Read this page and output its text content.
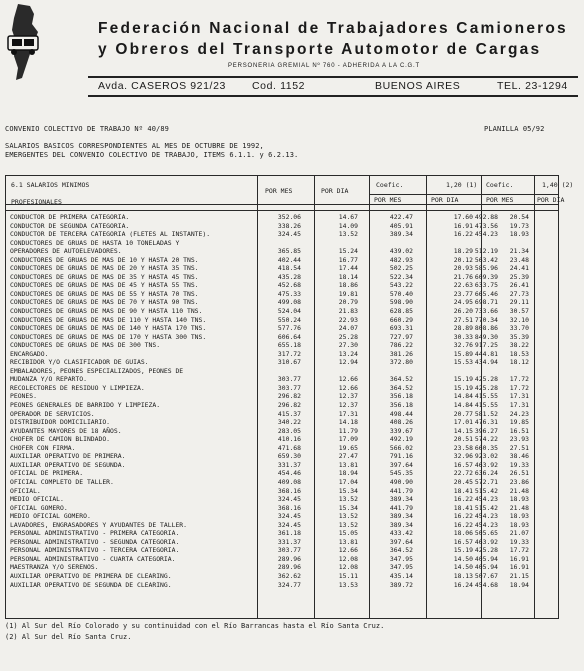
Federación Nacional de Trabajadores Camioneros
y Obreros del Transporte Automotor de Cargas
PERSONERIA GREMIAL Nº 760 - ADHERIDA A LA C.G.T
Avda. CASEROS 921/23 Cod. 1152	BUENOS AIRES	TEL. 23-1294
CONVENIO COLECTIVO DE TRABAJO Nº 40/89	PLANILLA 05/92
SALARIOS BASICOS CORRESPONDIENTES AL MES DE OCTUBRE DE 1992,
EMERGENTES DEL CONVENIO COLECTIVO DE TRABAJO, ITEMS 6.1.1. y 6.2.13.
6.1 SALARIOS MINIMOS
PROFESIONALES
POR MES	POR DIA
Coefic.	1,20 (1) Coefic.	1,40 (2)
POR MES	POR DIA	POR MES	POR DIA
CONDUCTOR DE PRIMERA CATEGORIA.	352.06	14.67	422.47	17.60 492.88 20.54
CONDUCTOR DE SEGUNDA CATEGORIA.	338.26	14.09	405.91	16.91 473.56 19.73
CONDUCTOR DE TERCERA CATEGORIA (FLETES AL INSTANTE).	324.45	13.52	389.34	16.22 454.23 18.93
CONDUCTORES DE GRUAS DE HASTA 10 TONELADAS Y
OPERADORES DE AUTOELEVADORES.	365.85	15.24	439.02	18.29 512.19 21.34
CONDUCTORES DE GRUAS DE MAS DE 10 Y HASTA 20 TNS.	402.44	16.77	482.93	20.12 563.42 23.48
CONDUCTORES DE GRUAS DE MAS DE 20 Y HASTA 35 TNS.	418.54	17.44	502.25	20.93 585.96 24.41
CONDUCTORES DE GRUAS DE MAS DE 35 Y HASTA 45 TNS.	435.28	18.14	522.34	21.76 609.39 25.39
CONDUCTORES DE GRUAS DE MAS DE 45 Y HASTA 55 TNS.	452.68	18.86	543.22	22.63 633.75 26.41
CONDUCTORES DE GRUAS DE MAS DE 55 Y HASTA 70 TNS.	475.33	19.81	570.40	23.77 665.46 27.73
CONDUCTORES DE GRUAS DE MAS DE 70 Y HASTA 90 TNS.	499.08	20.79	598.90	24.95 698.71 29.11
CONDUCTORES DE GRUAS DE MAS DE 90 Y HASTA 110 TNS.	524.04	21.83	628.85	26.20 733.66 30.57
CONDUCTORES DE GRUAS DE MAS DE 110 Y HASTA 140 TNS.	550.24	22.93	660.29	27.51 770.34 32.10
CONDUCTORES DE GRUAS DE MAS DE 140 Y HASTA 170 TNS.	577.76	24.07	693.31	28.89 808.86 33.70
CONDUCTORES DE GRUAS DE MAS DE 170 Y HASTA 300 TNS.	606.64	25.28	727.97	30.33 849.30 35.39
CONDUCTORES DE GRUAS DE MAS DE 300 TNS.	655.18	27.30	786.22	32.76 917.25 38.22
ENCARGADO.	317.72	13.24	381.26	15.89 444.81 18.53
RECIBIDOR Y/O CLASIFICADOR DE GUIAS.	310.67	12.94	372.80	15.53 434.94 18.12
EMBALADORES, PEONES ESPECIALIZADOS, PEONES DE
MUDANZA Y/O REPARTO.	303.77	12.66	364.52	15.19 425.28 17.72
RECOLECTORES DE RESIDUO Y LIMPIEZA.	303.77	12.66	364.52	15.19 425.28 17.72
PEONES.	296.82	12.37	356.18	14.84 415.55 17.31
PEONES GENERALES DE BARRIDO Y LIMPIEZA.	296.82	12.37	356.18	14.84 415.55 17.31
OPERADOR DE SERVICIOS.	415.37	17.31	498.44	20.77 581.52 24.23
DISTRIBUIDOR DOMICILIARIO.	340.22	14.18	408.26	17.01 476.31 19.85
AYUDANTES MAYORES DE 18 AÑOS.	283.05	11.79	339.67	14.15 396.27 16.51
CHOFER DE CAMION BLINDADO.	410.16	17.09	492.19	20.51 574.22 23.93
CHOFER CON FIRMA.	471.68	19.65	566.02	23.58 660.35 27.51
AUXILIAR OPERATIVO DE PRIMERA.	659.30	27.47	791.16	32.96 923.02 38.46
AUXILIAR OPERATIVO DE SEGUNDA.	331.37	13.81	397.64	16.57 463.92 19.33
OFICIAL DE PRIMERA.	454.46	18.94	545.35	22.72 636.24 26.51
OFICIAL COMPLETO DE TALLER.	409.08	17.04	490.90	20.45 572.71 23.86
OFICIAL.	368.16	15.34	441.79	18.41 515.42 21.48
MEDIO OFICIAL.	324.45	13.52	389.34	16.22 454.23 18.93
OFICIAL GOMERO.	368.16	15.34	441.79	18.41 515.42 21.48
MEDIO OFICIAL GOMERO.	324.45	13.52	389.34	16.22 454.23 18.93
LAVADORES, ENGRASADORES Y AYUDANTES DE TALLER.	324.45	13.52	389.34	16.22 454.23 18.93
PERSONAL ADMINISTRATIVO - PRIMERA CATEGORIA.	361.18	15.05	433.42	18.06 505.65 21.07
PERSONAL ADMINISTRATIVO - SEGUNDA CATEGORIA.	331.37	13.81	397.64	16.57 463.92 19.33
PERSONAL ADMINISTRATIVO - TERCERA CATEGORIA.	303.77	12.66	364.52	15.19 425.28 17.72
PERSONAL ADMINISTRATIVO - CUARTA CATEGORIA.	289.96	12.08	347.95	14.50 405.94 16.91
MAESTRANZA Y/O SERENOS.	289.96	12.08	347.95	14.50 405.94 16.91
AUXILIAR OPERATIVO DE PRIMERA DE CLEARING.	362.62	15.11	435.14	18.13 507.67 21.15
AUXILIAR OPERATIVO DE SEGUNDA DE CLEARING.	324.77	13.53	389.72	16.24 454.68 18.94
(1) Al Sur del Río Colorado y su continuidad con el Río Barrancas hasta el Río Santa Cruz.
(2) Al Sur del Río Santa Cruz.
